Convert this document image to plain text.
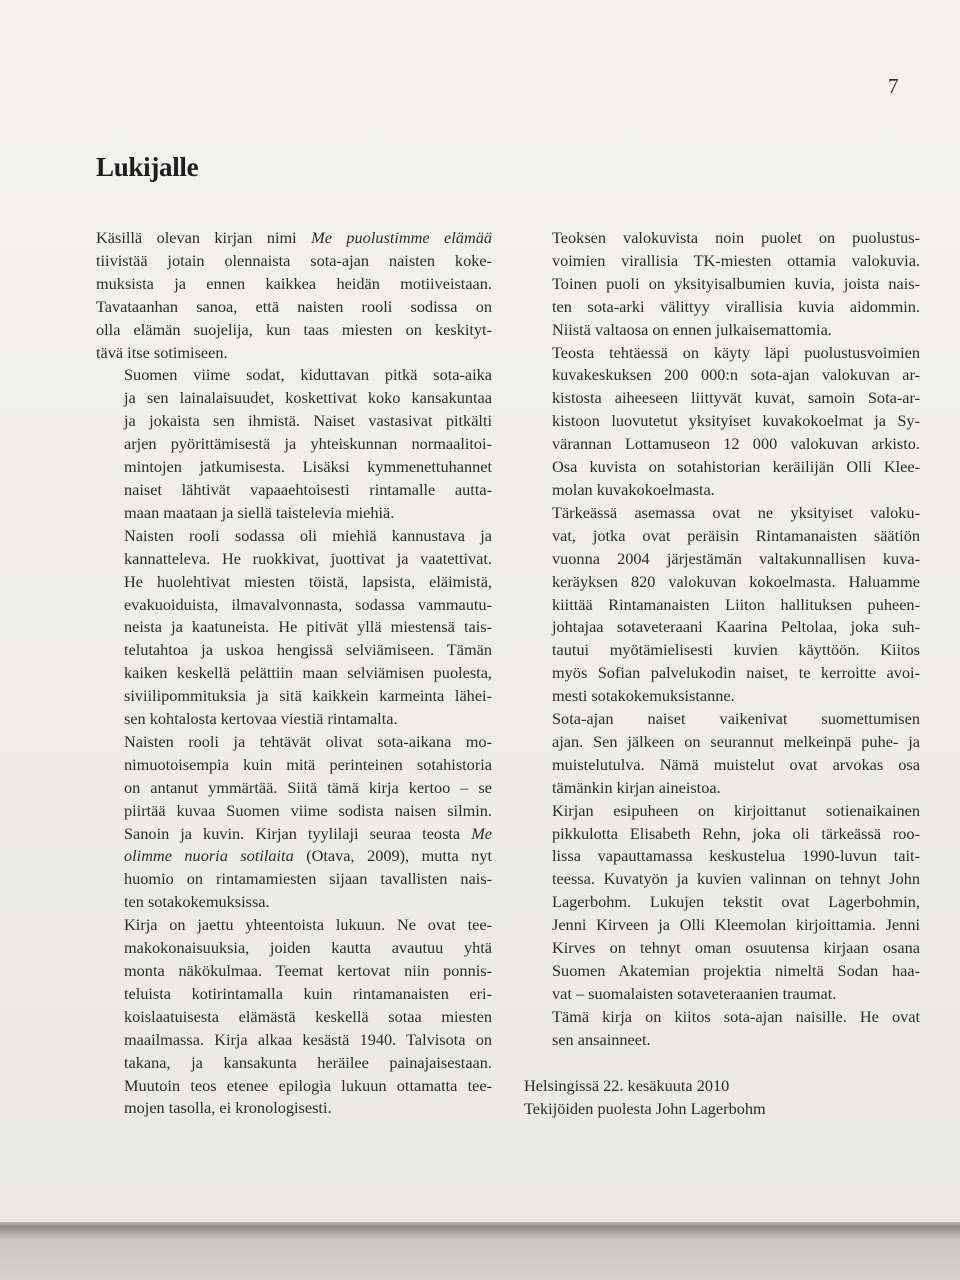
7
Lukijalle

Käsillä olevan kirjan nimi Me puolustimme elämää
tiivistää jotain olennaista sota-ajan naisten koke-
muksista ja ennen kaikkea heidän motiiveistaan.
Tavataanhan sanoa, että naisten rooli sodissa on
olla elämän suojelija, kun taas miesten on keskityt-
tävä itse sotimiseen.

Suomen viime sodat, kiduttavan pitkä sota-aika
ja sen lainalaisuudet, koskettivat koko kansakuntaa
ja jokaista sen ihmistä. Naiset vastasivat pitkälti
arjen pyörittämisestä ja yhteiskunnan normaalitoi-
mintojen jatkumisesta. Lisäksi kymmenettuhannet
naiset lähtivät vapaaehtoisesti rintamalle autta-
maan maataan ja siellä taistelevia miehiä.

Naisten rooli sodassa oli miehiä kannustava ja
kannatteleva. He ruokkivat, juottivat ja vaatettivat.
He huolehtivat miesten töistä, lapsista, eläimistä,
evakuoiduista, ilmavalvonnasta, sodassa vammautu-
neista ja kaatuneista. He pitivät yllä miestensä tais-
telutahtoa ja uskoa hengissä selviämiseen. Tämän
kaiken keskellä pelättiin maan selviämisen puolesta,
siviilipommituksia ja sitä kaikkein karmeinta lähei-
sen kohtalosta kertovaa viestiä rintamalta.

Naisten rooli ja tehtävät olivat sota-aikana mo-
nimuotoisempia kuin mitä perinteinen sotahistoria
on antanut ymmärtää. Siitä tämä kirja kertoo – se
piirtää kuvaa Suomen viime sodista naisen silmin.
Sanoin ja kuvin. Kirjan tyylilaji seuraa teosta Me
olimme nuoria sotilaita (Otava, 2009), mutta nyt
huomio on rintamamiesten sijaan tavallisten nais-
ten sotakokemuksissa.

Kirja on jaettu yhteentoista lukuun. Ne ovat tee-
makokonaisuuksia, joiden kautta avautuu yhtä
monta näkökulmaa. Teemat kertovat niin ponnis-
teluista kotirintamalla kuin rintamanaisten eri-
koislaatuisesta elämästä keskellä sotaa miesten
maailmassa. Kirja alkaa kesästä 1940. Talvisota on
takana, ja kansakunta heräilee painajaisestaan.
Muutoin teos etenee epilogia lukuun ottamatta tee-
mojen tasolla, ei kronologisesti.

Teoksen valokuvista noin puolet on puolustus-
voimien virallisia TK-miesten ottamia valokuvia.
Toinen puoli on yksityisalbumien kuvia, joista nais-
ten sota-arki välittyy virallisia kuvia aidommin.
Niistä valtaosa on ennen julkaisemattomia.

Teosta tehtäessä on käyty läpi puolustusvoimien
kuvakeskuksen 200 000:n sota-ajan valokuvan ar-
kistosta aiheeseen liittyvät kuvat, samoin Sota-ar-
kistoon luovutetut yksityiset kuvakokoelmat ja Sy-
värannan Lottamuseon 12 000 valokuvan arkisto.
Osa kuvista on sotahistorian keräilijän Olli Klee-
molan kuvakokoelmasta.

Tärkeässä asemassa ovat ne yksityiset valoku-
vat, jotka ovat peräisin Rintamanaisten säätiön
vuonna 2004 järjestämän valtakunnallisen kuva-
keräyksen 820 valokuvan kokoelmasta. Haluamme
kiittää Rintamanaisten Liiton hallituksen puheen-
johtajaa sotaveteraani Kaarina Peltolaa, joka suh-
tautui myötämielisesti kuvien käyttöön. Kiitos
myös Sofian palvelukodin naiset, te kerroitte avoi-
mesti sotakokemuksistanne.

Sota-ajan naiset vaikenivat suomettumisen
ajan. Sen jälkeen on seurannut melkeinpä puhe- ja
muistelutulva. Nämä muistelut ovat arvokas osa
tämänkin kirjan aineistoa.

Kirjan esipuheen on kirjoittanut sotienaikainen
pikkulotta Elisabeth Rehn, joka oli tärkeässä roo-
lissa vapauttamassa keskustelua 1990-luvun tait-
teessa. Kuvatyön ja kuvien valinnan on tehnyt John
Lagerbohm. Lukujen tekstit ovat Lagerbohmin,
Jenni Kirveen ja Olli Kleemolan kirjoittamia. Jenni
Kirves on tehnyt oman osuutensa kirjaan osana
Suomen Akatemian projektia nimeltä Sodan haa-
vat – suomalaisten sotaveteraanien traumat.

Tämä kirja on kiitos sota-ajan naisille. He ovat
sen ansainneet.

Helsingissä 22. kesäkuuta 2010
Tekijöiden puolesta John Lagerbohm
